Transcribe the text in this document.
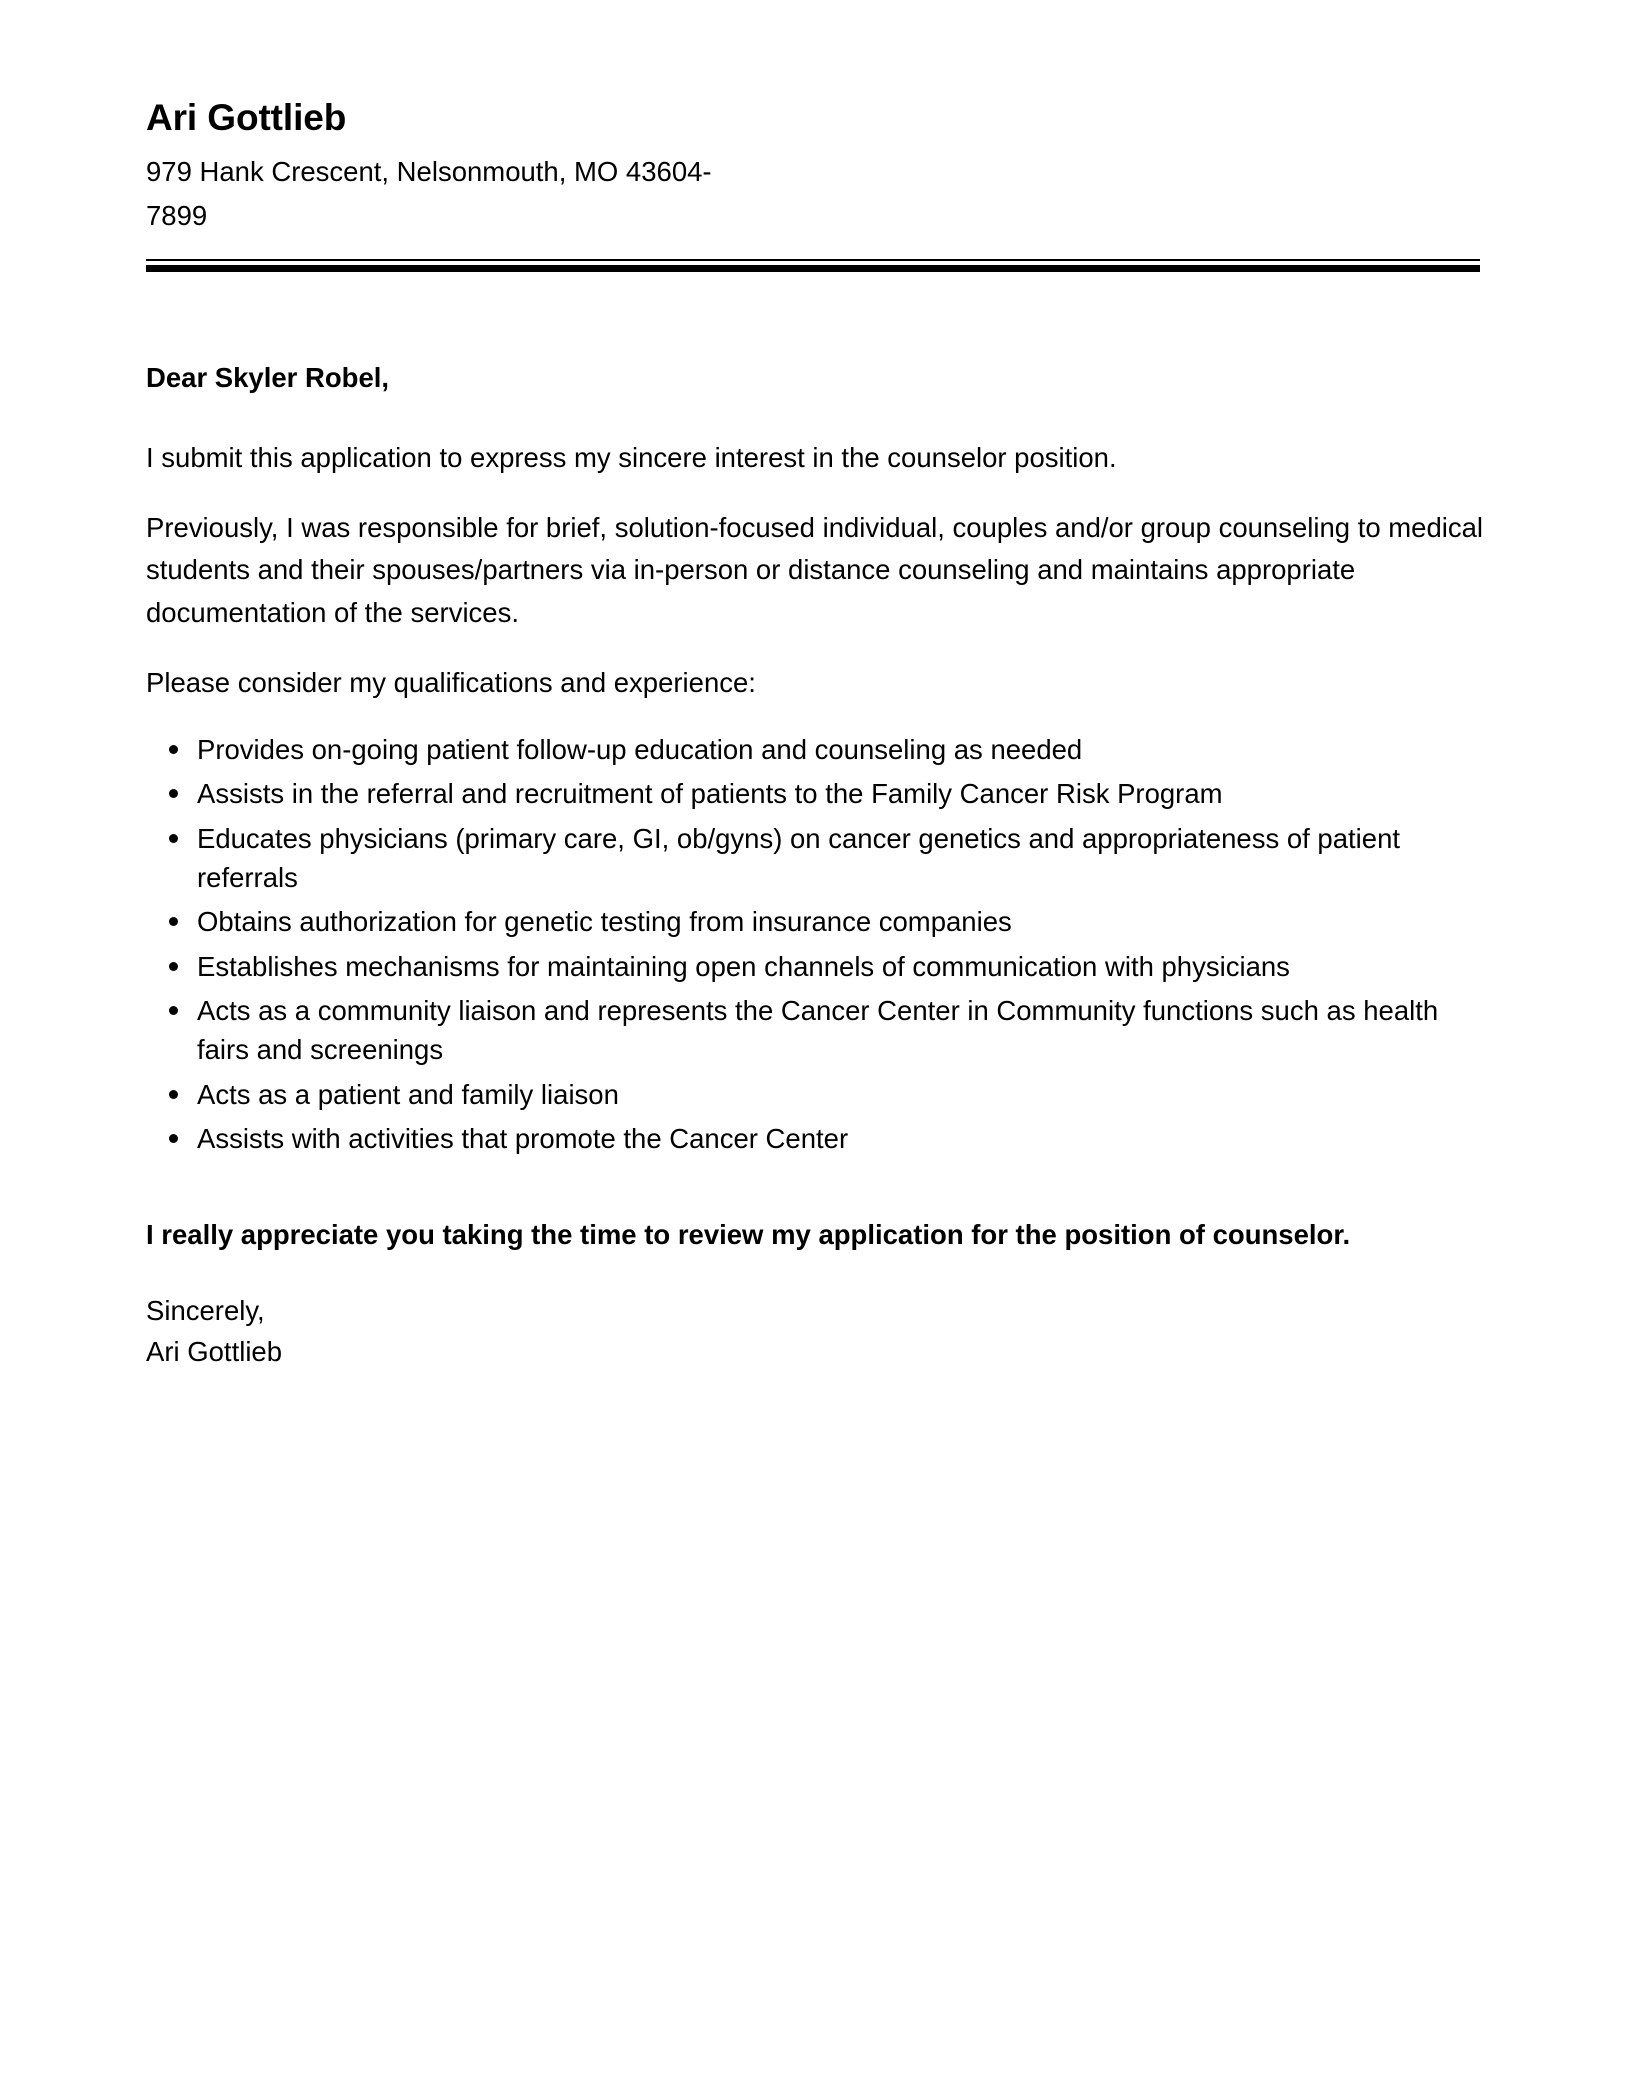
Ari Gottlieb

979 Hank Crescent, Nelsonmouth, MO 43604-7899

Dear Skyler Robel,

I submit this application to express my sincere interest in the counselor position.

Previously, I was responsible for brief, solution-focused individual, couples and/or group counseling to medical students and their spouses/partners via in-person or distance counseling and maintains appropriate documentation of the services.

Please consider my qualifications and experience:

Provides on-going patient follow-up education and counseling as needed
Assists in the referral and recruitment of patients to the Family Cancer Risk Program
Educates physicians (primary care, GI, ob/gyns) on cancer genetics and appropriateness of patient referrals
Obtains authorization for genetic testing from insurance companies
Establishes mechanisms for maintaining open channels of communication with physicians
Acts as a community liaison and represents the Cancer Center in Community functions such as health fairs and screenings
Acts as a patient and family liaison
Assists with activities that promote the Cancer Center

I really appreciate you taking the time to review my application for the position of counselor.

Sincerely,
Ari Gottlieb
